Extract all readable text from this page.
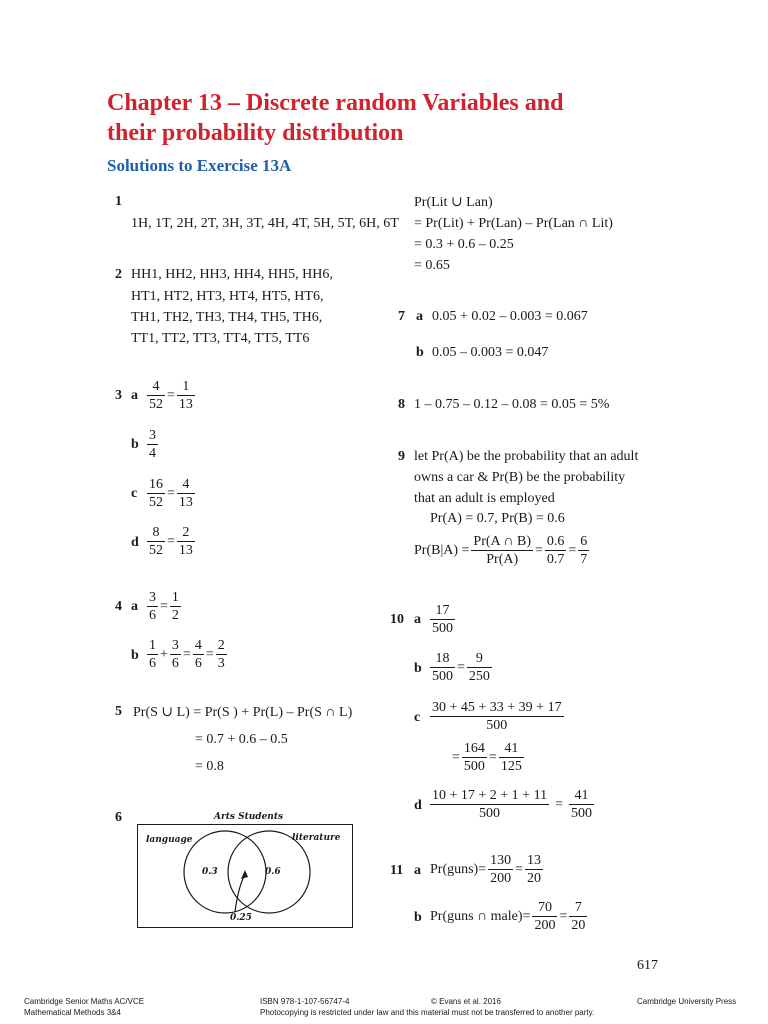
Chapter 13 – Discrete random Variables and
their probability distribution
Solutions to Exercise 13A
1
1H, 1T, 2H, 2T, 3H, 3T, 4H, 4T, 5H, 5T, 6H, 6T
2 HH1, HH2, HH3, HH4, HH5, HH6,
HT1, HT2, HT3, HT4, HT5, HT6,
TH1, TH2, TH3, TH4, TH5, TH6,
TT1, TT2, TT3, TT4, TT5, TT6
3 a $\frac{4}{52} = \frac{1}{13}$
b $\frac{3}{4}$
c $\frac{16}{52} = \frac{4}{13}$
d $\frac{8}{52} = \frac{2}{13}$
4 a $\frac{3}{6} = \frac{1}{2}$
b $\frac{1}{6} + \frac{3}{6} = \frac{4}{6} = \frac{2}{3}$
5 Pr(S ∪ L) = Pr(S ) + Pr(L) – Pr(S ∩ L)
= 0.7 + 0.6 – 0.5
= 0.8
6	Arts Students
language	literature
0.3	0.6
0.25
Pr(Lit ∪ Lan)
= Pr(Lit) + Pr(Lan) – Pr(Lan ∩ Lit)
= 0.3 + 0.6 – 0.25
= 0.65
7 a 0.05 + 0.02 – 0.003 = 0.067
b 0.05 – 0.003 = 0.047
8 1 – 0.75 – 0.12 – 0.08 = 0.05 = 5%
9 let Pr(A) be the probability that an adult
owns a car & Pr(B) be the probability
that an adult is employed
Pr(A) = 0.7, Pr(B) = 0.6
$Pr(B|A) = \frac{Pr(A \cap B)}{Pr(A)} = \frac{0.6}{0.7} = \frac{6}{7}$
10 a $\frac{17}{500}$
b $\frac{18}{500} = \frac{9}{250}$
c $\frac{30 + 45 + 33 + 39 + 17}{500}$
= $\frac{164}{500} = \frac{41}{125}$
d $\frac{10 + 17 + 2 + 1 + 11}{500} = \frac{41}{500}$
11 a Pr(guns)= $\frac{130}{200} = \frac{13}{20}$
b Pr(guns ∩ male)= $\frac{70}{200} = \frac{7}{20}$
617
Cambridge Senior Maths AC/VCE
Mathematical Methods 3&4
ISBN 978-1-107-56747-4	© Evans et al. 2016
Photocopying is restricted under law and this material must not be transferred to another party.
Cambridge University Press
